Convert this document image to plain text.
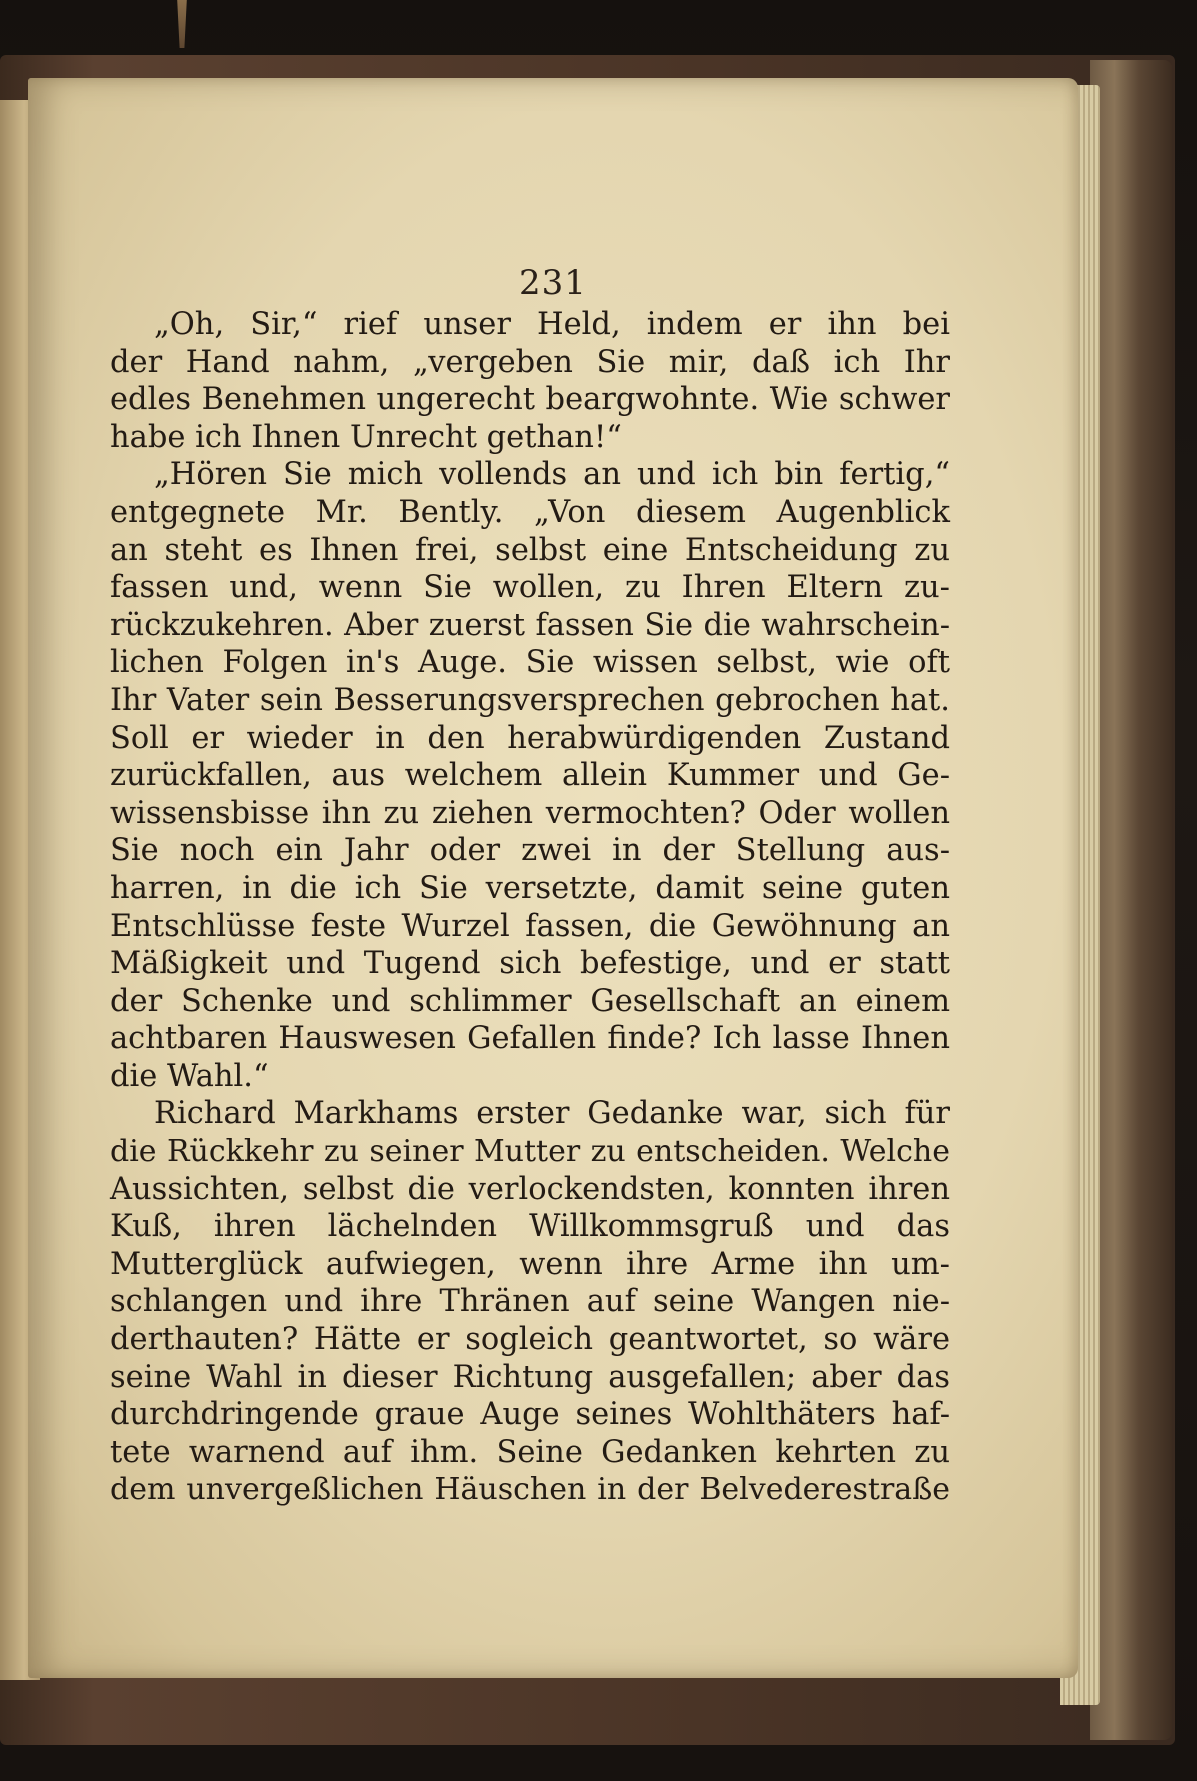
231
„Oh, Sir,“ rief unser Held, indem er ihn bei
der Hand nahm, „vergeben Sie mir, daß ich Ihr
edles Benehmen ungerecht beargwohnte. Wie schwer
habe ich Ihnen Unrecht gethan!“
„Hören Sie mich vollends an und ich bin fertig,“
entgegnete Mr. Bently. „Von diesem Augenblick
an steht es Ihnen frei, selbst eine Entscheidung zu
fassen und, wenn Sie wollen, zu Ihren Eltern zu-
rückzukehren. Aber zuerst fassen Sie die wahrschein-
lichen Folgen in's Auge. Sie wissen selbst, wie oft
Ihr Vater sein Besserungsversprechen gebrochen hat.
Soll er wieder in den herabwürdigenden Zustand
zurückfallen, aus welchem allein Kummer und Ge-
wissensbisse ihn zu ziehen vermochten? Oder wollen
Sie noch ein Jahr oder zwei in der Stellung aus-
harren, in die ich Sie versetzte, damit seine guten
Entschlüsse feste Wurzel fassen, die Gewöhnung an
Mäßigkeit und Tugend sich befestige, und er statt
der Schenke und schlimmer Gesellschaft an einem
achtbaren Hauswesen Gefallen finde? Ich lasse Ihnen
die Wahl.“
Richard Markhams erster Gedanke war, sich für
die Rückkehr zu seiner Mutter zu entscheiden. Welche
Aussichten, selbst die verlockendsten, konnten ihren
Kuß, ihren lächelnden Willkommsgruß und das
Mutterglück aufwiegen, wenn ihre Arme ihn um-
schlangen und ihre Thränen auf seine Wangen nie-
derthauten? Hätte er sogleich geantwortet, so wäre
seine Wahl in dieser Richtung ausgefallen; aber das
durchdringende graue Auge seines Wohlthäters haf-
tete warnend auf ihm. Seine Gedanken kehrten zu
dem unvergeßlichen Häuschen in der Belvederestraße
